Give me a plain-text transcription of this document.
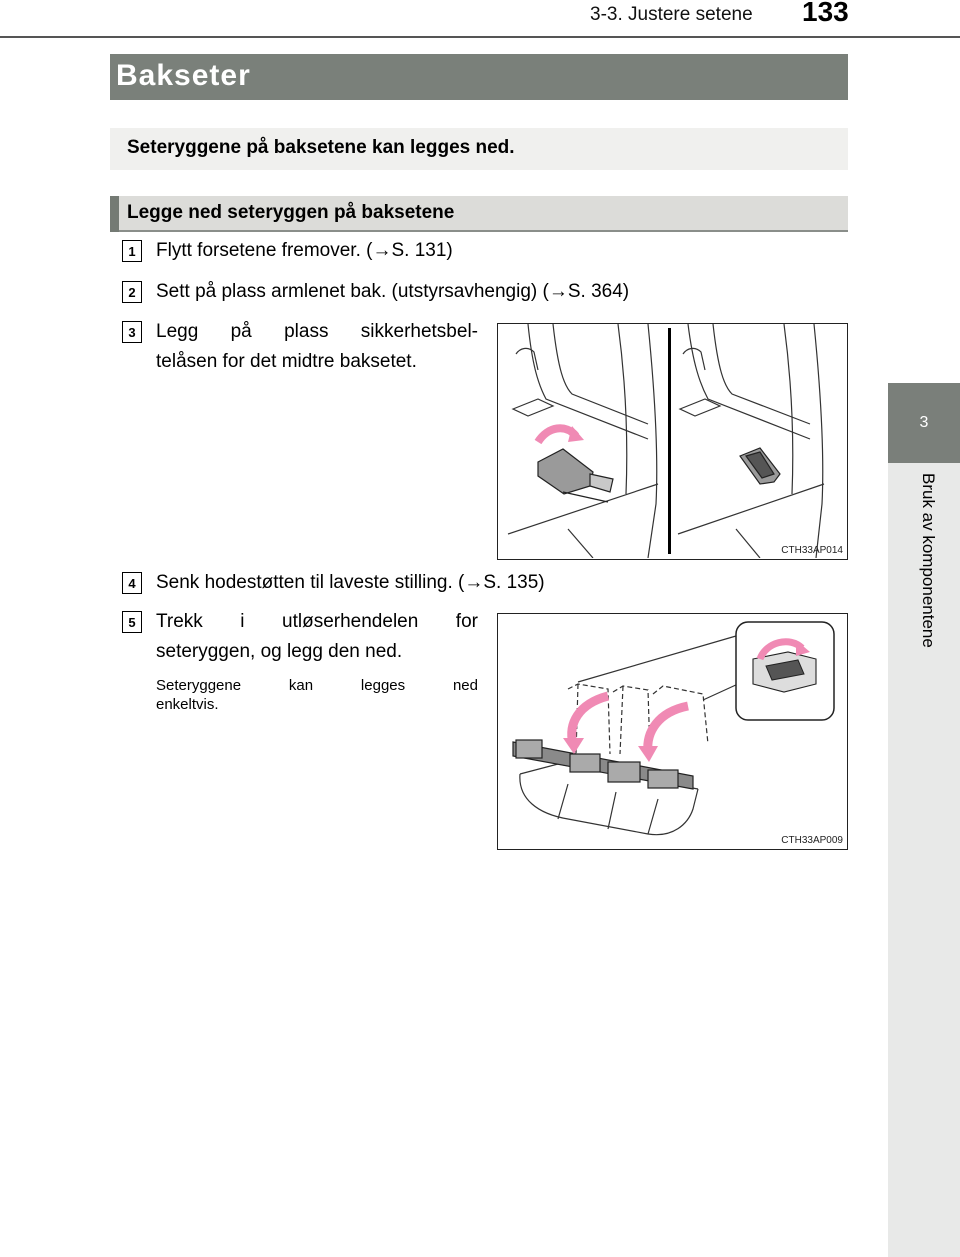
3-3. Justere setene 133
3
Bruk av komponentene
Bakseter
Seteryggene på baksetene kan legges ned.
Legge ned seteryggen på baksetene
1	Flytt forsetene fremover. (→S. 131)
2	Sett på plass armlenet bak. (utstyrsavhengig) (→S. 364)
3	Legg på plass sikkerhetsbel-
telåsen for det midtre baksetet.
CTH33AP014
4	Senk hodestøtten til laveste stilling. (→S. 135)
5	Trekk i utløserhendelen for
seteryggen, og legg den ned.
Seteryggene kan legges ned
enkeltvis.
CTH33AP009
